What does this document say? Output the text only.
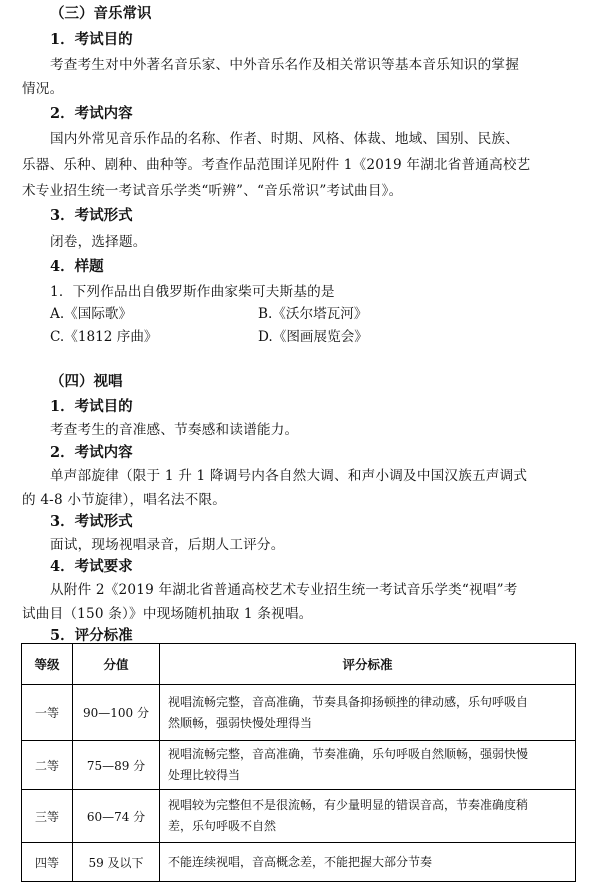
（三）音乐常识
1．考试目的
考查考生对中外著名音乐家、中外音乐名作及相关常识等基本音乐知识的掌握
情况。
2．考试内容
国内外常见音乐作品的名称、作者、时期、风格、体裁、地域、国别、民族、
乐器、乐种、剧种、曲种等。考查作品范围详见附件 1《2019 年湖北省普通高校艺
术专业招生统一考试音乐学类“听辨”、“音乐常识”考试曲目》。
3．考试形式
闭卷，选择题。
4．样题
1．下列作品出自俄罗斯作曲家柴可夫斯基的是
A.《国际歌》	B.《沃尔塔瓦河》
C.《1812 序曲》	D.《图画展览会》
（四）视唱
1．考试目的
考查考生的音准感、节奏感和读谱能力。
2．考试内容
单声部旋律（限于 1 升 1 降调号内各自然大调、和声小调及中国汉族五声调式
的 4-8 小节旋律），唱名法不限。
3．考试形式
面试，现场视唱录音，后期人工评分。
4．考试要求
从附件 2《2019 年湖北省普通高校艺术专业招生统一考试音乐学类“视唱”考
试曲目（150 条）》中现场随机抽取 1 条视唱。
5．评分标准
等级	分值	评分标准
一等	90—100 分	视唱流畅完整，音高准确，节奏具备抑扬顿挫的律动感，乐句呼吸自
然顺畅，强弱快慢处理得当

二等	75—89 分	视唱流畅完整，音高准确，节奏准确，乐句呼吸自然顺畅，强弱快慢
处理比较得当

三等	60—74 分	视唱较为完整但不是很流畅，有少量明显的错误音高，节奏准确度稍
差，乐句呼吸不自然

四等	59 及以下	不能连续视唱，音高概念差，不能把握大部分节奏
